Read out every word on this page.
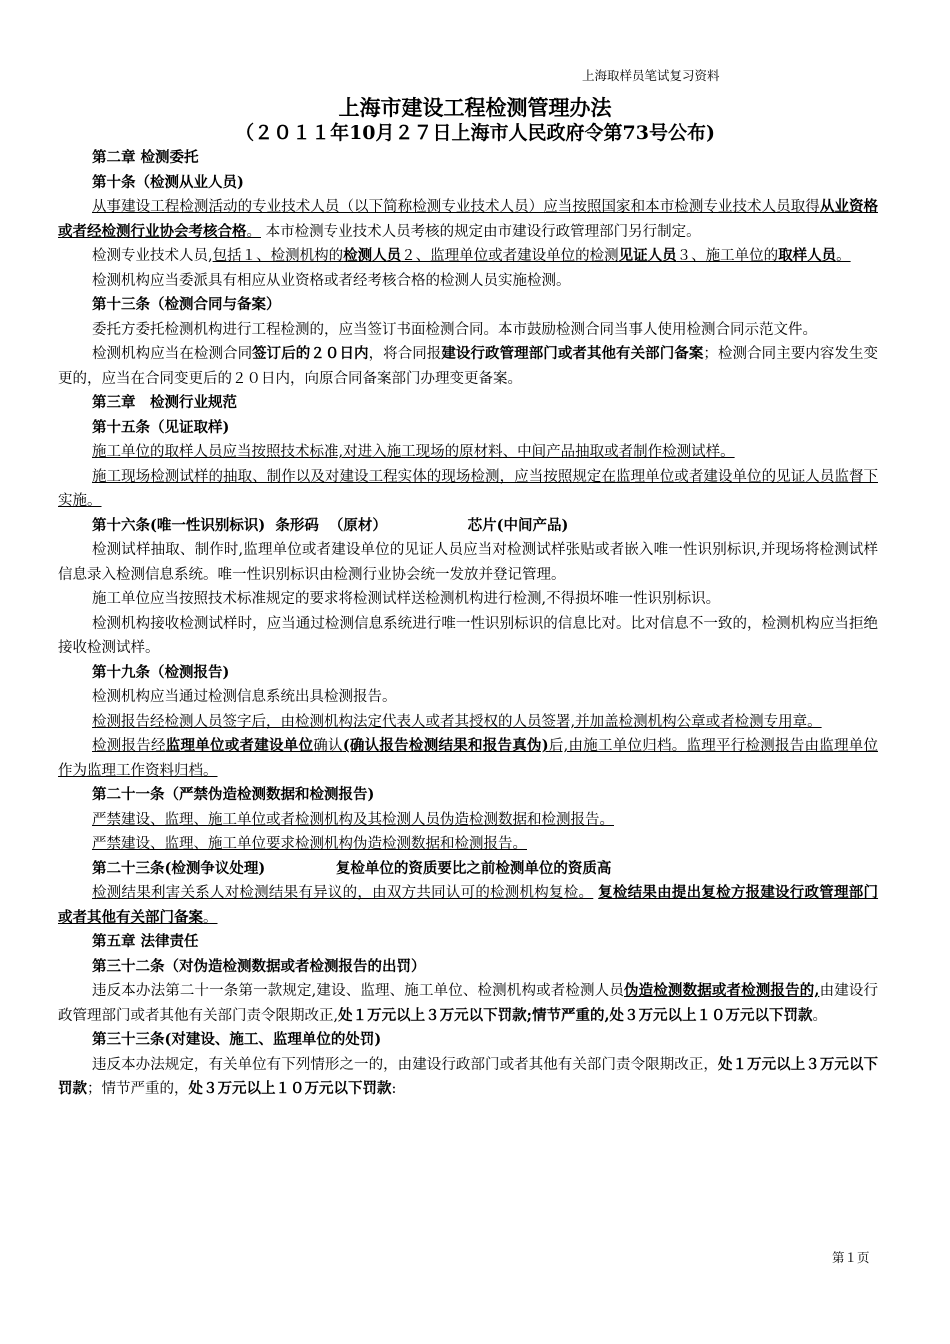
上海取样员笔试复习资料
上海市建设工程检测管理办法
（２０１１年10月２７日上海市人民政府令第73号公布)

第二章 检测委托

第十条（检测从业人员)

从事建设工程检测活动的专业技术人员（以下简称检测专业技术人员）应当按照国家和本市检测专业技术人员取得从业资格或者经检测行业协会考核合格。 本市检测专业技术人员考核的规定由市建设行政管理部门另行制定。

检测专业技术人员,包括１、检测机构的检测人员２、监理单位或者建设单位的检测见证人员３、施工单位的取样人员。

检测机构应当委派具有相应从业资格或者经考核合格的检测人员实施检测。

第十三条（检测合同与备案）

委托方委托检测机构进行工程检测的，应当签订书面检测合同。本市鼓励检测合同当事人使用检测合同示范文件。

检测机构应当在检测合同签订后的２０日内，将合同报建设行政管理部门或者其他有关部门备案；检测合同主要内容发生变更的，应当在合同变更后的２０日内，向原合同备案部门办理变更备案。

第三章　检测行业规范

第十五条（见证取样)

施工单位的取样人员应当按照技术标准,对进入施工现场的原材料、中间产品抽取或者制作检测试样。

施工现场检测试样的抽取、制作以及对建设工程实体的现场检测，应当按照规定在监理单位或者建设单位的见证人员监督下实施。

第十六条(唯一性识别标识)  条形码  （原材）                芯片(中间产品)

检测试样抽取、制作时,监理单位或者建设单位的见证人员应当对检测试样张贴或者嵌入唯一性识别标识,并现场将检测试样信息录入检测信息系统。唯一性识别标识由检测行业协会统一发放并登记管理。

施工单位应当按照技术标准规定的要求将检测试样送检测机构进行检测,不得损坏唯一性识别标识。

检测机构接收检测试样时，应当通过检测信息系统进行唯一性识别标识的信息比对。比对信息不一致的，检测机构应当拒绝接收检测试样。

第十九条（检测报告)

检测机构应当通过检测信息系统出具检测报告。

检测报告经检测人员签字后，由检测机构法定代表人或者其授权的人员签署,并加盖检测机构公章或者检测专用章。

检测报告经监理单位或者建设单位确认(确认报告检测结果和报告真伪)后,由施工单位归档。监理平行检测报告由监理单位作为监理工作资料归档。

第二十一条（严禁伪造检测数据和检测报告)

严禁建设、监理、施工单位或者检测机构及其检测人员伪造检测数据和检测报告。

严禁建设、监理、施工单位要求检测机构伪造检测数据和检测报告。

第二十三条(检测争议处理)              复检单位的资质要比之前检测单位的资质高

检测结果利害关系人对检测结果有异议的，由双方共同认可的检测机构复检。 复检结果由提出复检方报建设行政管理部门或者其他有关部门备案。

第五章 法律责任

第三十二条（对伪造检测数据或者检测报告的出罚）

违反本办法第二十一条第一款规定,建设、监理、施工单位、检测机构或者检测人员伪造检测数据或者检测报告的,由建设行政管理部门或者其他有关部门责令限期改正,处１万元以上３万元以下罚款;情节严重的,处３万元以上１０万元以下罚款。

第三十三条(对建设、施工、监理单位的处罚)

违反本办法规定，有关单位有下列情形之一的，由建设行政部门或者其他有关部门责令限期改正，处１万元以上３万元以下罚款；情节严重的，处３万元以上１０万元以下罚款:

第１页
